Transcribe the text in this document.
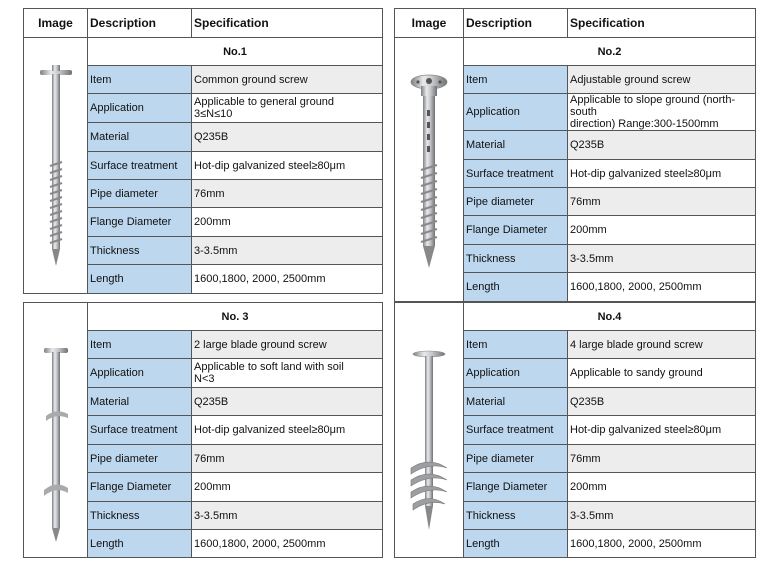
Image	Description	Specification

	No.1	
	Item	Common ground screw
	Application	Applicable to general ground
3≤N≤10
	Material	Q235B
	Surface treatment	Hot-dip galvanized steel≥80μm
	Pipe diameter	76mm
	Flange Diameter	200mm
	Thickness	3-3.5mm
	Length	1600,1800, 2000, 2500mm
Image	Description	Specification

	No.2	
	Item	Adjustable ground screw
	Application	Applicable to slope ground (north-south
direction) Range:300-1500mm
	Material	Q235B
	Surface treatment	Hot-dip galvanized steel≥80μm
	Pipe diameter	76mm
	Flange Diameter	200mm
	Thickness	3-3.5mm
	Length	1600,1800, 2000, 2500mm
	No. 3	
	Item	2 large blade ground screw
	Application	Applicable to soft land with soil
N<3
	Material	Q235B
	Surface treatment	Hot-dip galvanized steel≥80μm
	Pipe diameter	76mm
	Flange Diameter	200mm
	Thickness	3-3.5mm
	Length	1600,1800, 2000, 2500mm
	No.4	
	Item	4 large blade ground screw
	Application	Applicable to sandy ground
	Material	Q235B
	Surface treatment	Hot-dip galvanized steel≥80μm
	Pipe diameter	76mm
	Flange Diameter	200mm
	Thickness	3-3.5mm
	Length	1600,1800, 2000, 2500mm
